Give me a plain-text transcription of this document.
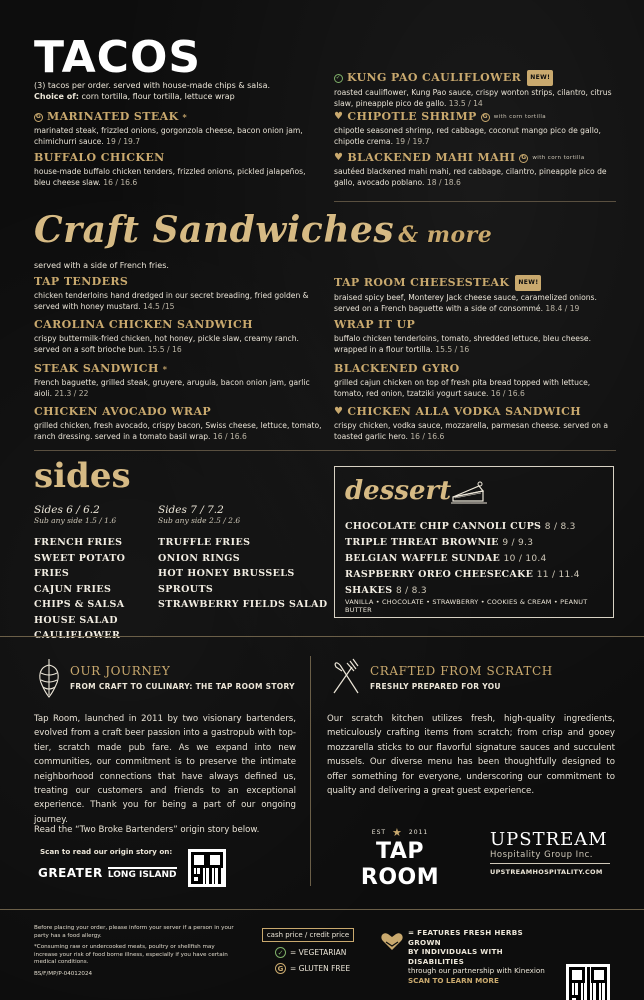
TACOS
(3) tacos per order. served with house-made chips & salsa.
Choice of: corn tortilla, flour tortilla, lettuce wrap
G MARINATED STEAK *
marinated steak, frizzled onions, gorgonzola cheese, bacon onion jam, chimichurri sauce. 19 / 19.7
BUFFALO CHICKEN
house-made buffalo chicken tenders, frizzled onions, pickled jalapeños, bleu cheese slaw. 16 / 16.6
✓ KUNG PAO CAULIFLOWER	NEW!
roasted cauliflower, Kung Pao sauce, crispy wonton strips, cilantro, citrus slaw, pineapple pico de gallo. 13.5 / 14
♥ CHIPOTLE SHRIMP G	with corn tortilla
chipotle seasoned shrimp, red cabbage, coconut mango pico de gallo, chipotle crema. 19 / 19.7
♥ BLACKENED MAHI MAHI G	with corn tortilla
sautéed blackened mahi mahi, red cabbage, cilantro, pineapple pico de gallo, avocado poblano. 18 / 18.6
Craft Sandwiches & more
served with a side of French fries.
TAP TENDERS
chicken tenderloins hand dredged in our secret breading, fried golden & served with honey mustard. 14.5 /15
CAROLINA CHICKEN SANDWICH
crispy buttermilk-fried chicken, hot honey, pickle slaw, creamy ranch. served on a soft brioche bun. 15.5 / 16
STEAK SANDWICH *
French baguette, grilled steak, gruyere, arugula, bacon onion jam, garlic aioli. 21.3 / 22
CHICKEN AVOCADO WRAP
grilled chicken, fresh avocado, crispy bacon, Swiss cheese, lettuce, tomato, ranch dressing. served in a tomato basil wrap. 16 / 16.6
TAP ROOM CHEESESTEAK	NEW!
braised spicy beef, Monterey Jack cheese sauce, caramelized onions. served on a French baguette with a side of consommé. 18.4 / 19
WRAP IT UP
buffalo chicken tenderloins, tomato, shredded lettuce, bleu cheese. wrapped in a flour tortilla. 15.5 / 16
BLACKENED GYRO
grilled cajun chicken on top of fresh pita bread topped with lettuce, tomato, red onion, tzatziki yogurt sauce. 16 / 16.6
♥ CHICKEN ALLA VODKA SANDWICH
crispy chicken, vodka sauce, mozzarella, parmesan cheese. served on a toasted garlic hero. 16 / 16.6
sides
Sides 6 / 6.2
Sub any side 1.5 / 1.6
FRENCH FRIES
SWEET POTATO FRIES
CAJUN FRIES
CHIPS & SALSA
HOUSE SALAD
Sides 7 / 7.2
Sub any side 2.5 / 2.6
TRUFFLE FRIES
ONION RINGS
HOT HONEY BRUSSELS SPROUTS
STRAWBERRY FIELDS SALAD
dessert
CHOCOLATE CHIP CANNOLI CUPS 8 / 8.3
TRIPLE THREAT BROWNIE 9 / 9.3
BELGIAN WAFFLE SUNDAE 10 / 10.4
RASPBERRY OREO CHEESECAKE 11 / 11.4
SHAKES 8 / 8.3
VANILLA • CHOCOLATE • STRAWBERRY • COOKIES & CREAM • PEANUT BUTTER
OUR JOURNEY
FROM CRAFT TO CULINARY: THE TAP ROOM STORY
Tap Room, launched in 2011 by two visionary bartenders, evolved from a craft beer passion into a gastropub with top-tier, scratch made pub fare. As we expand into new communities, our commitment is to preserve the intimate neighborhood connections that have always defined us, treating our customers and friends to an exceptional experience. Thank you for being a part of our ongoing journey.
Read the “Two Broke Bartenders” origin story below.
Scan to read our origin story on:
GREATER LONG ISLAND
CRAFTED FROM SCRATCH
FRESHLY PREPARED FOR YOU
Our scratch kitchen utilizes fresh, high-quality ingredients, meticulously crafting items from scratch; from crisp and gooey mozzarella sticks to our flavorful signature sauces and succulent mussels. Our diverse menu has been thoughtfully designed to offer something for everyone, underscoring our commitment to quality and delivering a great guest experience.
EST ★ 2011
TAP ROOM
UPSTREAM
Hospitality Group Inc.
UPSTREAMHOSPITALITY.COM
Before placing your order, please inform your server if a person in your party has a food allergy.
*Consuming raw or undercooked meats, poultry or shellfish may increase your risk of food borne illness, especially if you have certain medical conditions.
BS/F/MP/P-04012024
cash price / credit price
✓ = VEGETARIAN
G = GLUTEN FREE
= FEATURES FRESH HERBS GROWN
BY INDIVIDUALS WITH DISABILITIES
through our partnership with Kinexion
SCAN TO LEARN MORE
